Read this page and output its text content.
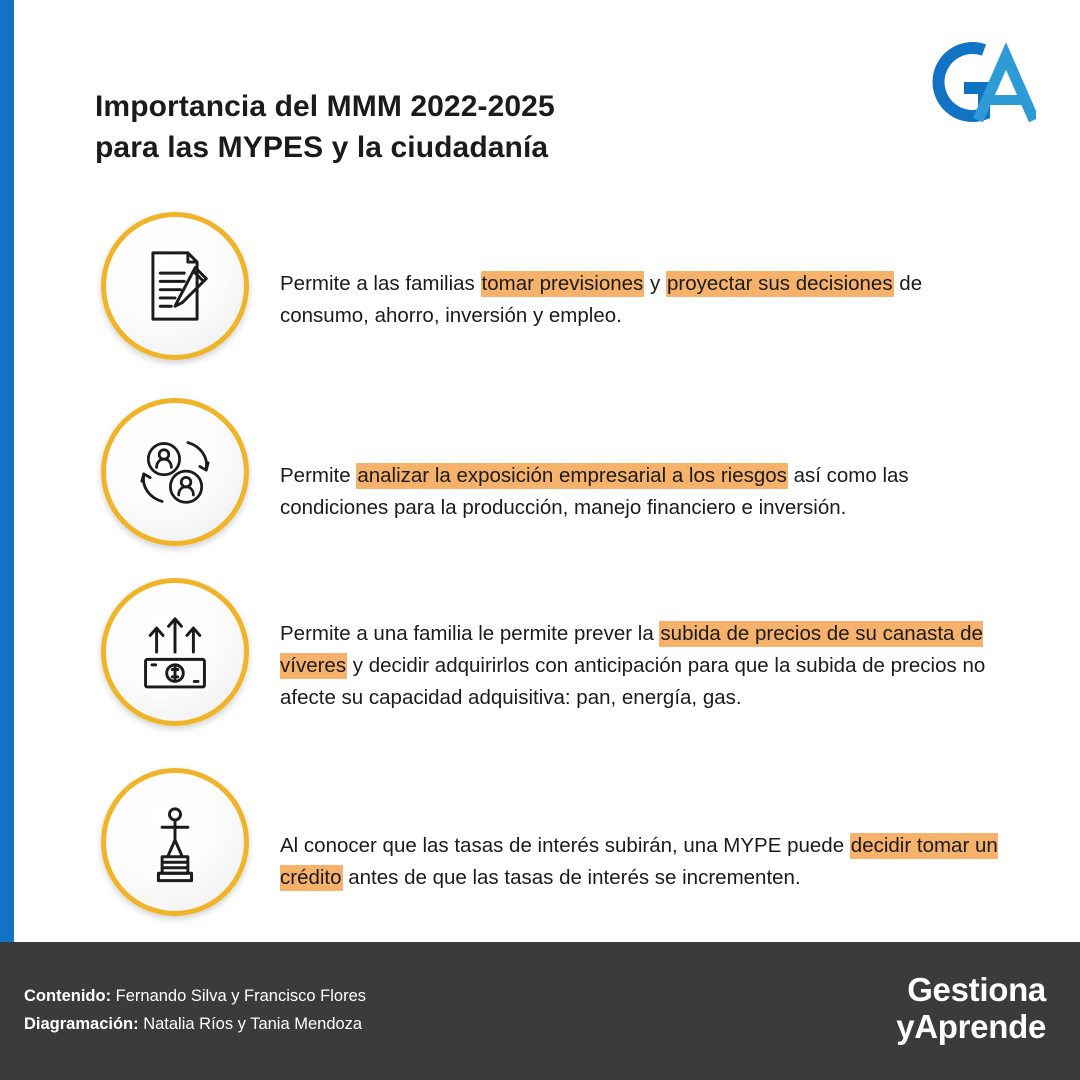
Importancia del MMM 2022-2025
para las MYPES y la ciudadanía
Permite a las familias tomar previsiones y proyectar sus decisiones de consumo, ahorro, inversión y empleo.
Permite analizar la exposición empresarial a los riesgos así como las condiciones para la producción, manejo financiero e inversión.
Permite a una familia le permite prever la subida de precios de su canasta de víveres y decidir adquirirlos con anticipación para que la subida de precios no afecte su capacidad adquisitiva: pan, energía, gas.
Al conocer que las tasas de interés subirán, una MYPE puede decidir tomar un crédito antes de que las tasas de interés se incrementen.
Contenido: Fernando Silva y Francisco Flores
Diagramación: Natalia Ríos y Tania Mendoza
Gestiona
yAprende
